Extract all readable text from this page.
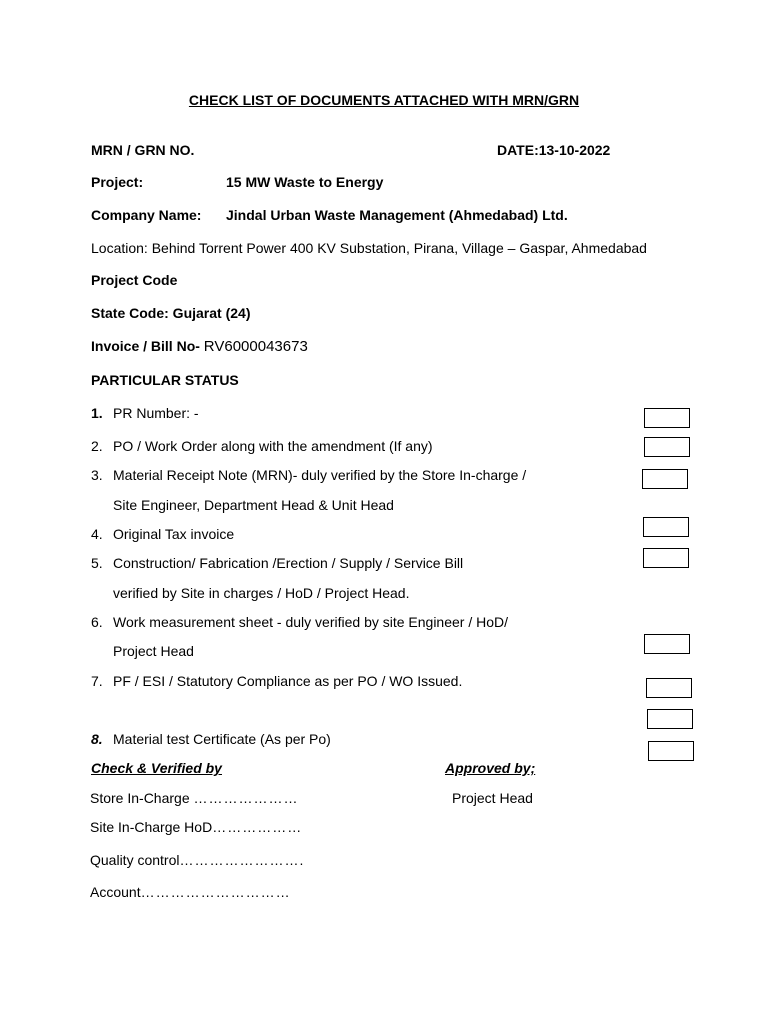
CHECK LIST OF DOCUMENTS ATTACHED WITH MRN/GRN
MRN / GRN NO.	DATE:13-10-2022
Project:	15 MW Waste to Energy
Company Name: Jindal Urban Waste Management (Ahmedabad) Ltd.
Location: Behind Torrent Power 400 KV Substation, Pirana, Village – Gaspar, Ahmedabad
Project Code
State Code: Gujarat (24)
Invoice / Bill No- RV6000043673
PARTICULAR STATUS
1. PR Number: -
2. PO / Work Order along with the amendment (If any)
3. Material Receipt Note (MRN)- duly verified by the Store In-charge /
Site Engineer, Department Head & Unit Head
4. Original Tax invoice
5. Construction/ Fabrication /Erection / Supply / Service Bill
verified by Site in charges / HoD / Project Head.
6. Work measurement sheet - duly verified by site Engineer / HoD/
Project Head
7. PF / ESI / Statutory Compliance as per PO / WO Issued.
8. Material test Certificate (As per Po)
Check & Verified by	Approved by;
Store In-Charge …………………	Project Head
Site In-Charge HoD………………
Quality control…………………….
Account…………………………
